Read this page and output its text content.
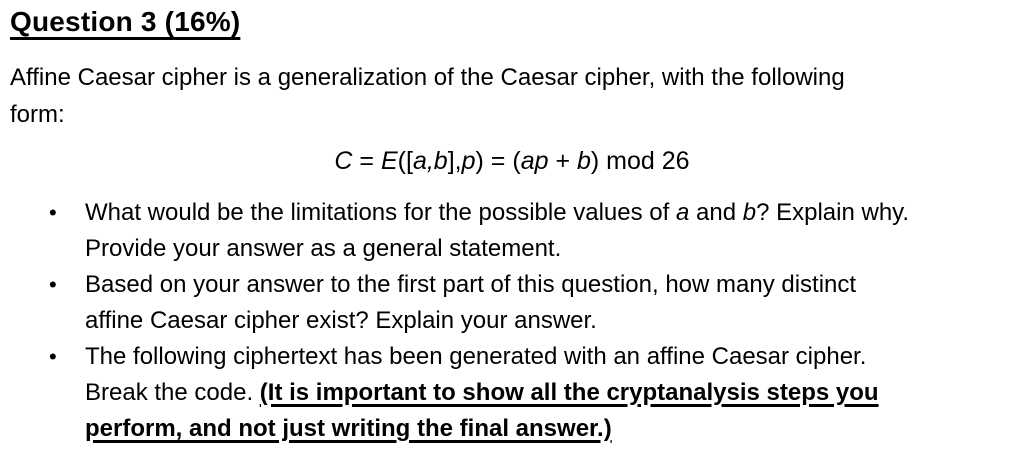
Question 3 (16%)
Affine Caesar cipher is a generalization of the Caesar cipher, with the following
form:
C = E([a,b],p) = (ap + b) mod 26
•	What would be the limitations for the possible values of a and b? Explain why.
Provide your answer as a general statement.
•	Based on your answer to the first part of this question, how many distinct
affine Caesar cipher exist? Explain your answer.
•	The following ciphertext has been generated with an affine Caesar cipher.
Break the code. (It is important to show all the cryptanalysis steps you
perform, and not just writing the final answer.)
